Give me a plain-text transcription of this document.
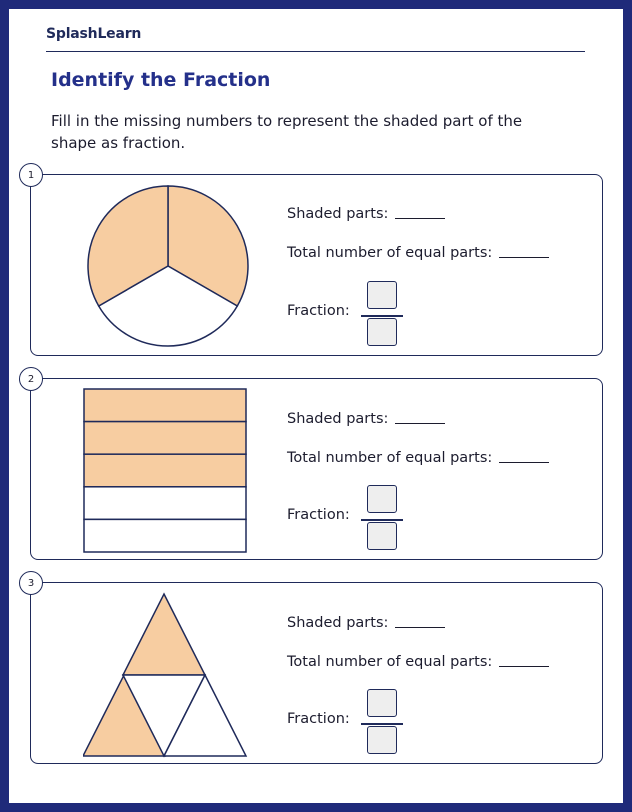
SplashLearn
Identify the Fraction
Fill in the missing numbers to represent the shaded part of the shape as fraction.
1
Shaded parts:
Total number of equal parts:
Fraction:
2
Shaded parts:
Total number of equal parts:
Fraction:
3
Shaded parts:
Total number of equal parts:
Fraction:
